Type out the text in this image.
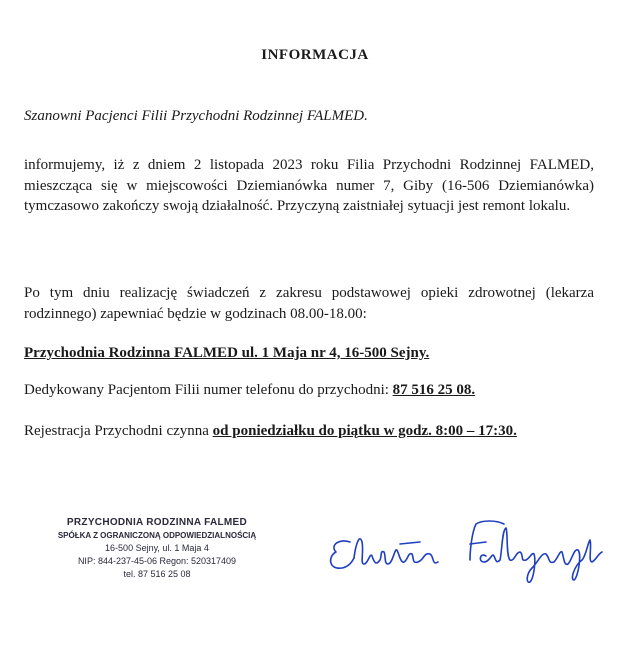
INFORMACJA
Szanowni Pacjenci Filii Przychodni Rodzinnej FALMED.
informujemy, iż z dniem 2 listopada 2023 roku Filia Przychodni Rodzinnej FALMED, mieszcząca się w miejscowości Dziemianówka numer 7, Giby (16-506 Dziemianówka) tymczasowo zakończy swoją działalność. Przyczyną zaistniałej sytuacji jest remont lokalu.
Po tym dniu realizację świadczeń z zakresu podstawowej opieki zdrowotnej (lekarza rodzinnego) zapewniać będzie w godzinach 08.00-18.00:
Przychodnia Rodzinna FALMED ul. 1 Maja nr 4, 16-500 Sejny.
Dedykowany Pacjentom Filii numer telefonu do przychodni: 87 516 25 08.
Rejestracja Przychodni czynna od poniedziałku do piątku w godz. 8:00 – 17:30.
PRZYCHODNIA RODZINNA FALMED
SPÓŁKA Z OGRANICZONĄ ODPOWIEDZIALNOŚCIĄ
16-500 Sejny, ul. 1 Maja 4
NIP: 844-237-45-06 Regon: 520317409
tel. 87 516 25 08
